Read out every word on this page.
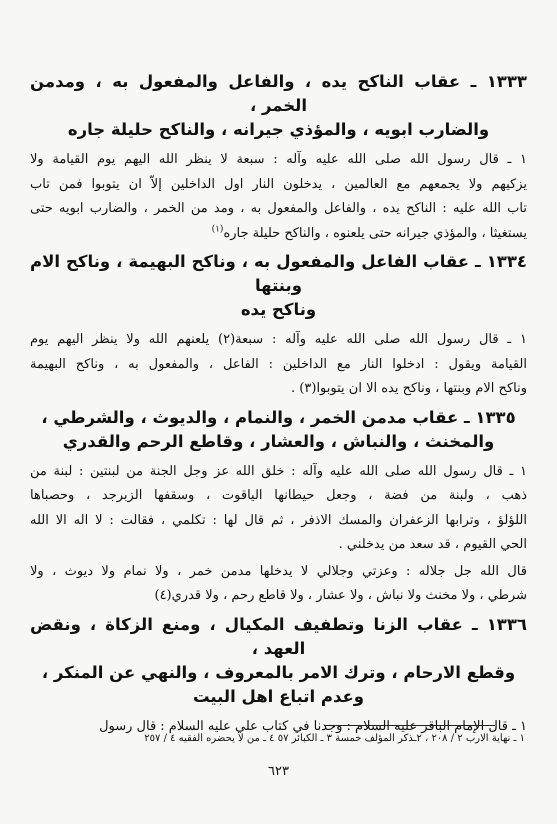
١٣٣٣ ـ عقاب الناكح يده ، والفاعل والمفعول به ، ومدمن الخمر ،
والضارب ابويه ، والمؤذي جيرانه ، والناكح حليلة جاره
١ ـ قال رسول الله صلى الله عليه وآله : سبعة لا ينظر الله اليهم يوم القيامة ولا
يزكيهم ولا يجمعهم مع العالمين ، يدخلون النار اول الداخلين إلاّ ان يتوبوا فمن تاب
تاب الله عليه : الناكح يده ، والفاعل والمفعول به ، ومد من الخمر ، والضارب ابويه حتى
يستغيثا ، والمؤذي جيرانه حتى يلعنوه ، والناكح حليلة جاره$^{(١)}$
١٣٣٤ ـ عقاب الفاعل والمفعول به ، وناكح البهيمة ، وناكح الام وبنتها
وناكح يده
١ ـ قال رسول الله صلى الله عليه وآله : سبعة(٢) يلعنهم الله ولا ينظر اليهم يوم
القيامة ويقول : ادخلوا النار مع الداخلين : الفاعل ، والمفعول به ، وناكح البهيمة
وناكح الام وبنتها ، وناكح يده الا ان يتوبوا(٣) .
١٣٣٥ ـ عقاب مدمن الخمر ، والنمام ، والديوث ، والشرطي ،
والمخنث ، والنباش ، والعشار ، وقاطع الرحم والقدري
١ ـ قال رسول الله صلى الله عليه وآله : خلق الله عز وجل الجنة من لبنتين : لبنة من
ذهب ، ولبنة من فضة ، وجعل حيطانها الياقوت ، وسقفها الزبرجد ، وحصباها
اللؤلؤ ، وترابها الزعفران والمسك الاذفر ، ثم قال لها : تكلمي ، فقالت : لا اله الا الله
الحي القيوم ، قد سعد من يدخلني .
قال الله جل جلاله : وعزتي وجلالي لا يدخلها مدمن خمر ، ولا نمام ولا ديوث ، ولا
شرطي ، ولا مخنث ولا نباش ، ولا عشار ، ولا قاطع رحم ، ولا قدري(٤)
١٣٣٦ ـ عقاب الزنا وتطفيف المكيال ، ومنع الزكاة ، ونقض العهد ،
وقطع الارحام ، وترك الامر بالمعروف ، والنهي عن المنكر ،
وعدم اتباع اهل البيت
١ ـ قال الإمام الباقر عليه السلام : وجدنا في كتاب علي عليه السلام : قال رسول
١ ـ نهاية الارب ٢ / ٢٠٨ ، ٢ـذكر المؤلف خمسة ٣ ـ الكبائر ٥٧ ٤ ـ من لا يحضره الفقيه ٤ / ٢٥٧
٦٢٣
